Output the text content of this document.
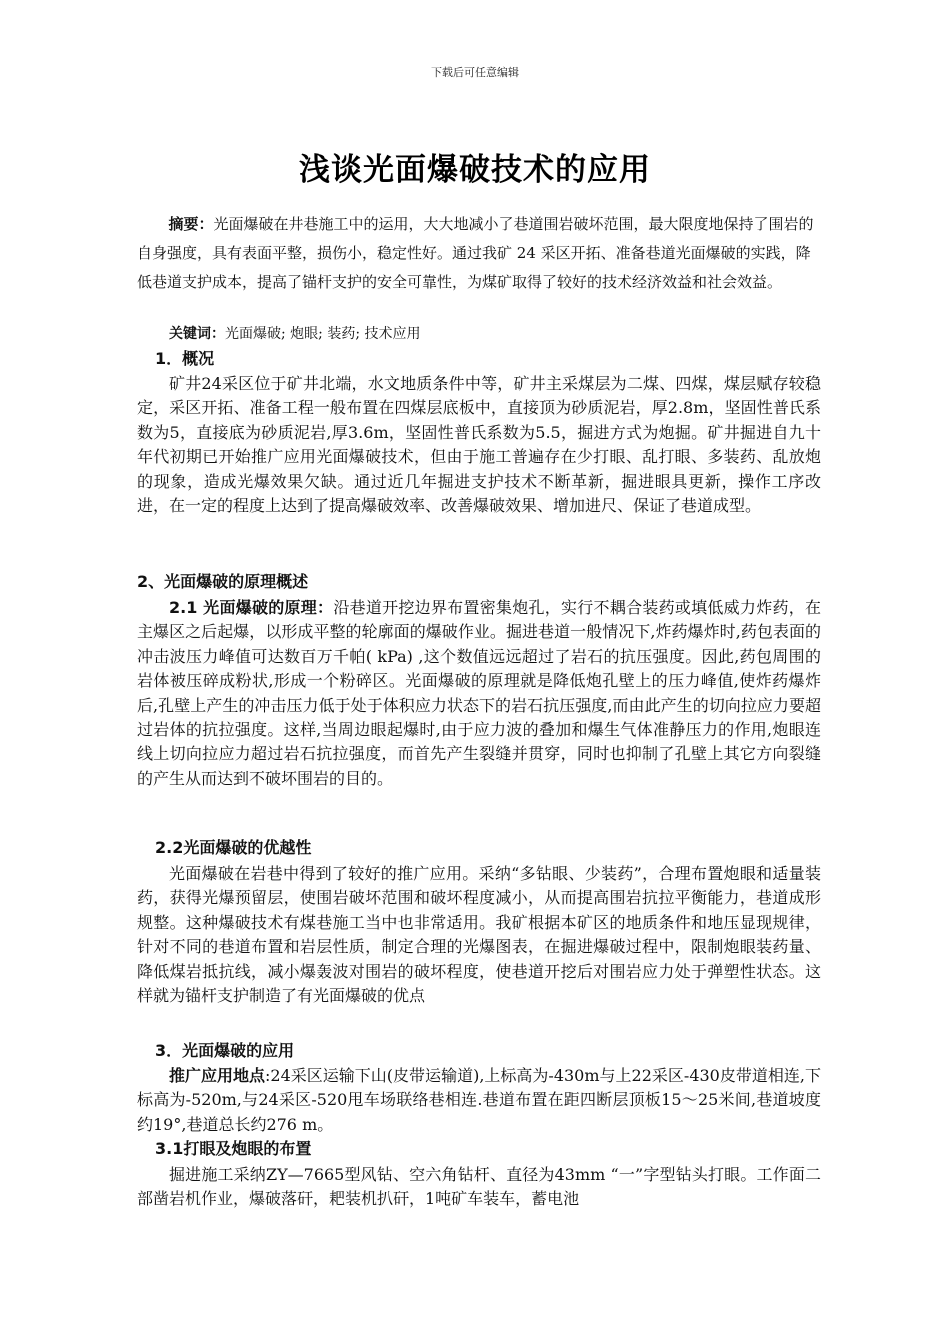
下载后可任意编辑
浅谈光面爆破技术的应用
摘要：光面爆破在井巷施工中的运用，大大地减小了巷道围岩破坏范围，最大限度地保持了围岩的自身强度，具有表面平整，损伤小，稳定性好。通过我矿 24 采区开拓、准备巷道光面爆破的实践，降低巷道支护成本，提高了锚杆支护的安全可靠性，为煤矿取得了较好的技术经济效益和社会效益。
关键词：光面爆破; 炮眼; 装药; 技术应用
1．概况
矿井24采区位于矿井北端，水文地质条件中等，矿井主采煤层为二煤、四煤，煤层赋存较稳定，采区开拓、准备工程一般布置在四煤层底板中，直接顶为砂质泥岩，厚2.8m，坚固性普氏系数为5，直接底为砂质泥岩,厚3.6m，坚固性普氏系数为5.5，掘进方式为炮掘。矿井掘进自九十年代初期已开始推广应用光面爆破技术，但由于施工普遍存在少打眼、乱打眼、多装药、乱放炮的现象，造成光爆效果欠缺。通过近几年掘进支护技术不断革新，掘进眼具更新，操作工序改进，在一定的程度上达到了提高爆破效率、改善爆破效果、增加进尺、保证了巷道成型。
2、光面爆破的原理概述
2.1 光面爆破的原理：沿巷道开挖边界布置密集炮孔，实行不耦合装药或填低威力炸药，在主爆区之后起爆，以形成平整的轮廓面的爆破作业。掘进巷道一般情况下,炸药爆炸时,药包表面的冲击波压力峰值可达数百万千帕( kPa) ,这个数值远远超过了岩石的抗压强度。因此,药包周围的岩体被压碎成粉状,形成一个粉碎区。光面爆破的原理就是降低炮孔壁上的压力峰值,使炸药爆炸后,孔壁上产生的冲击压力低于处于体积应力状态下的岩石抗压强度,而由此产生的切向拉应力要超过岩体的抗拉强度。这样,当周边眼起爆时,由于应力波的叠加和爆生气体准静压力的作用,炮眼连线上切向拉应力超过岩石抗拉强度，而首先产生裂缝并贯穿，同时也抑制了孔壁上其它方向裂缝的产生从而达到不破坏围岩的目的。
2.2光面爆破的优越性
光面爆破在岩巷中得到了较好的推广应用。采纳“多钻眼、少装药”，合理布置炮眼和适量装药，获得光爆预留层，使围岩破坏范围和破坏程度减小，从而提高围岩抗拉平衡能力，巷道成形规整。这种爆破技术有煤巷施工当中也非常适用。我矿根据本矿区的地质条件和地压显现规律，针对不同的巷道布置和岩层性质，制定合理的光爆图表，在掘进爆破过程中，限制炮眼装药量、降低煤岩抵抗线，减小爆轰波对围岩的破坏程度，使巷道开挖后对围岩应力处于弹塑性状态。这样就为锚杆支护制造了有光面爆破的优点
3．光面爆破的应用
推广应用地点:24采区运输下山(皮带运输道),上标高为-430m与上22采区-430皮带道相连,下标高为-520m,与24采区-520甩车场联络巷相连.巷道布置在距四断层顶板15～25米间,巷道坡度约19°,巷道总长约276 m。
3.1打眼及炮眼的布置
掘进施工采纳ZY—7665型风钻、空六角钻杆、直径为43mm “一”字型钻头打眼。工作面二部凿岩机作业，爆破落矸，耙装机扒矸，1吨矿车装车，蓄电池
